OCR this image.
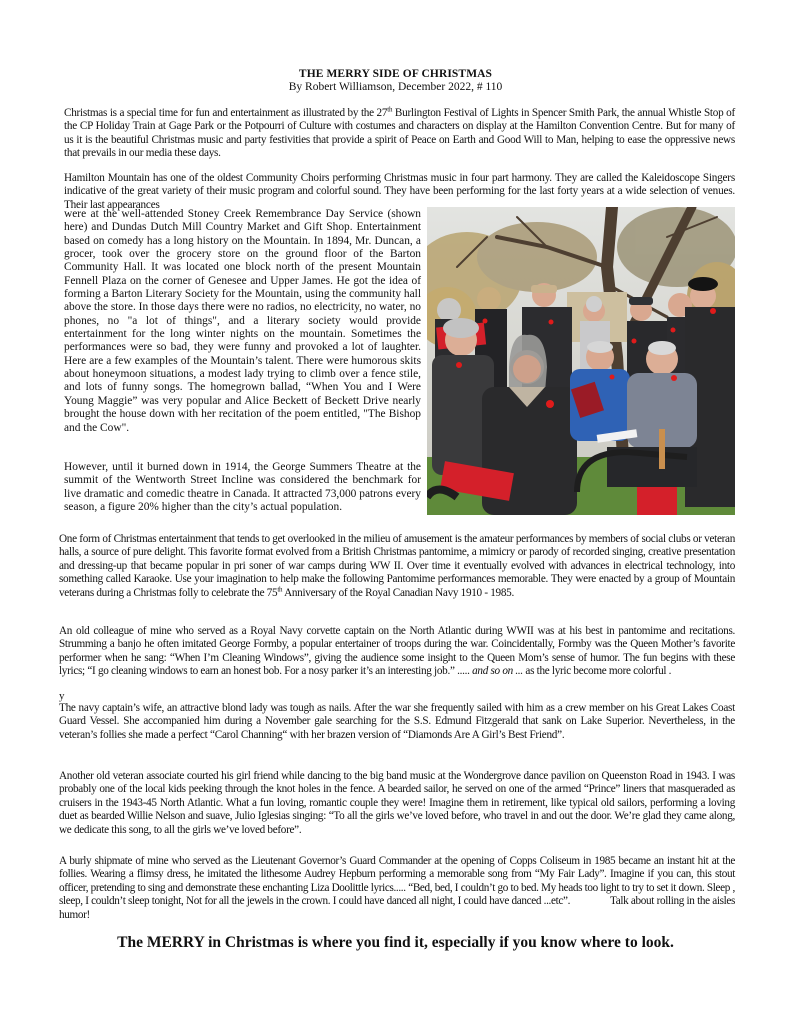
THE MERRY SIDE OF CHRISTMAS
By Robert Williamson, December 2022, # 110

Christmas is a special time for fun and entertainment as illustrated by the 27th Burlington Festival of Lights in Spencer Smith Park, the annual Whistle Stop of the CP Holiday Train at Gage Park or the Potpourri of Culture with costumes and characters on display at the Hamilton Convention Centre. But for many of us it is the beautiful Christmas music and party festivities that provide a spirit of Peace on Earth and Good Will to Man, helping to ease the oppressive news that prevails in our media these days.

Hamilton Mountain has one of the oldest Community Choirs performing Christmas music in four part harmony. They are called the Kaleidoscope Singers indicative of the great variety of their music program and colorful sound. They have been performing for the last forty years at a wide selection of venues. Their last appearances

were at the well-attended Stoney Creek Remembrance Day Service (shown here) and Dundas Dutch Mill Country Market and Gift Shop. Entertainment based on comedy has a long history on the Mountain. In 1894, Mr. Duncan, a grocer, took over the grocery store on the ground floor of the Barton Community Hall. It was located one block north of the present Mountain Fennell Plaza on the corner of Genesee and Upper James. He got the idea of forming a Barton Literary Society for the Mountain, using the community hall above the store. In those days there were no radios, no electricity, no water, no phones, no "a lot of things", and a literary society would provide entertainment for the long winter nights on the mountain. Sometimes the performances were so bad, they were funny and provoked a lot of laughter. Here are a few examples of the Mountain’s talent. There were humorous skits about honeymoon situations, a modest lady trying to climb over a fence stile, and lots of funny songs. The homegrown ballad, “When You and I Were Young Maggie” was very popular and Alice Beckett of Beckett Drive nearly brought the house down with her recitation of the poem entitled, "The Bishop and the Cow".

However, until it burned down in 1914, the George Summers Theatre at the summit of the Wentworth Street Incline was considered the benchmark for live dramatic and comedic theatre in Canada. It attracted 73,000 patrons every season, a figure 20% higher than the city’s actual population.

One form of Christmas entertainment that tends to get overlooked in the milieu of amusement is the amateur performances by members of social clubs or veteran halls, a source of pure delight. This favorite format evolved from a British Christmas pantomime, a mimicry or parody of recorded singing, creative presentation and dressing-up that became popular in pri soner of war camps during WW II. Over time it eventually evolved with advances in electrical technology, into something called Karaoke. Use your imagination to help make the following Pantomime performances memorable. They were enacted by a group of Mountain veterans during a Christmas folly to celebrate the 75th Anniversary of the Royal Canadian Navy 1910 - 1985.

An old colleague of mine who served as a Royal Navy corvette captain on the North Atlantic during WWII was at his best in pantomime and recitations. Strumming a banjo he often imitated George Formby, a popular entertainer of troops during the war. Coincidentally, Formby was the Queen Mother’s favorite performer when he sang: “When I’m Cleaning Windows”, giving the audience some insight to the Queen Mom’s sense of humor. The fun begins with these lyrics; “I go cleaning windows to earn an honest bob. For a nosy parker it’s an interesting job.” ..... and so on ... as the lyric become more colorful .

y

The navy captain’s wife, an attractive blond lady was tough as nails. After the war she frequently sailed with him as a crew member on his Great Lakes Coast Guard Vessel. She accompanied him during a November gale searching for the S.S. Edmund Fitzgerald that sank on Lake Superior. Nevertheless, in the veteran’s follies she made a perfect “Carol Channing“ with her brazen version of “Diamonds Are A Girl’s Best Friend”.

Another old veteran associate courted his girl friend while dancing to the big band music at the Wondergrove dance pavilion on Queenston Road in 1943. I was probably one of the local kids peeking through the knot holes in the fence. A bearded sailor, he served on one of the armed “Prince” liners that masqueraded as cruisers in the 1943-45 North Atlantic. What a fun loving, romantic couple they were! Imagine them in retirement, like typical old sailors, performing a loving duet as bearded Willie Nelson and suave, Julio Iglesias singing: “To all the girls we’ve loved before, who travel in and out the door. We’re glad they came along, we dedicate this song, to all the girls we’ve loved before”.

A burly shipmate of mine who served as the Lieutenant Governor’s Guard Commander at the opening of Copps Coliseum in 1985 became an instant hit at the follies. Wearing a flimsy dress, he imitated the lithesome Audrey Hepburn performing a memorable song from “My Fair Lady”. Imagine if you can, this stout officer, pretending to sing and demonstrate these enchanting Liza Doolittle lyrics..... “Bed, bed, I couldn’t go to bed. My heads too light to try to set it down. Sleep , sleep, I couldn’t sleep tonight, Not for all the jewels in the crown. I could have danced all night, I could have danced ...etc”.	Talk about rolling in the aisles humor!

The MERRY in Christmas is where you find it, especially if you know where to look.
